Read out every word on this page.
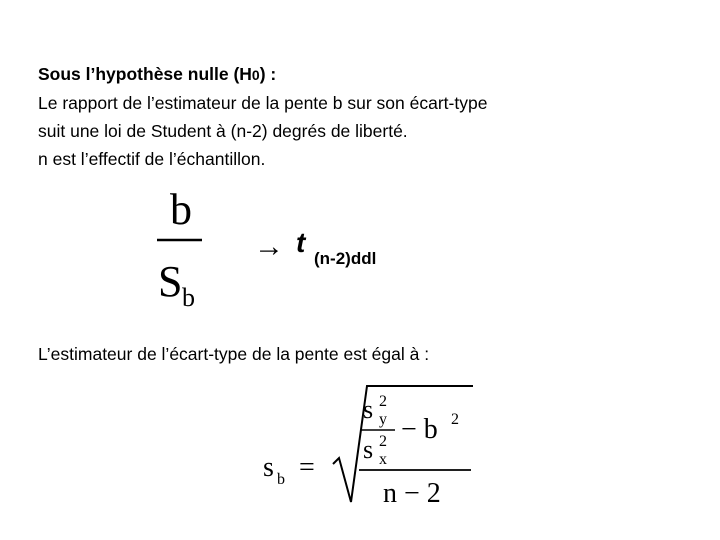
Sous l’hypothèse nulle (H0) :
Le rapport de l’estimateur de la pente b sur son écart-type
suit une loi de Student à (n-2) degrés de liberté.
n est l’effectif de l’échantillon.
b
S b
→ t
(n-2)ddl
L’estimateur de l’écart-type de la pente est égal à :
s b =
s 2
y
s 2
x
− b 2
n − 2
